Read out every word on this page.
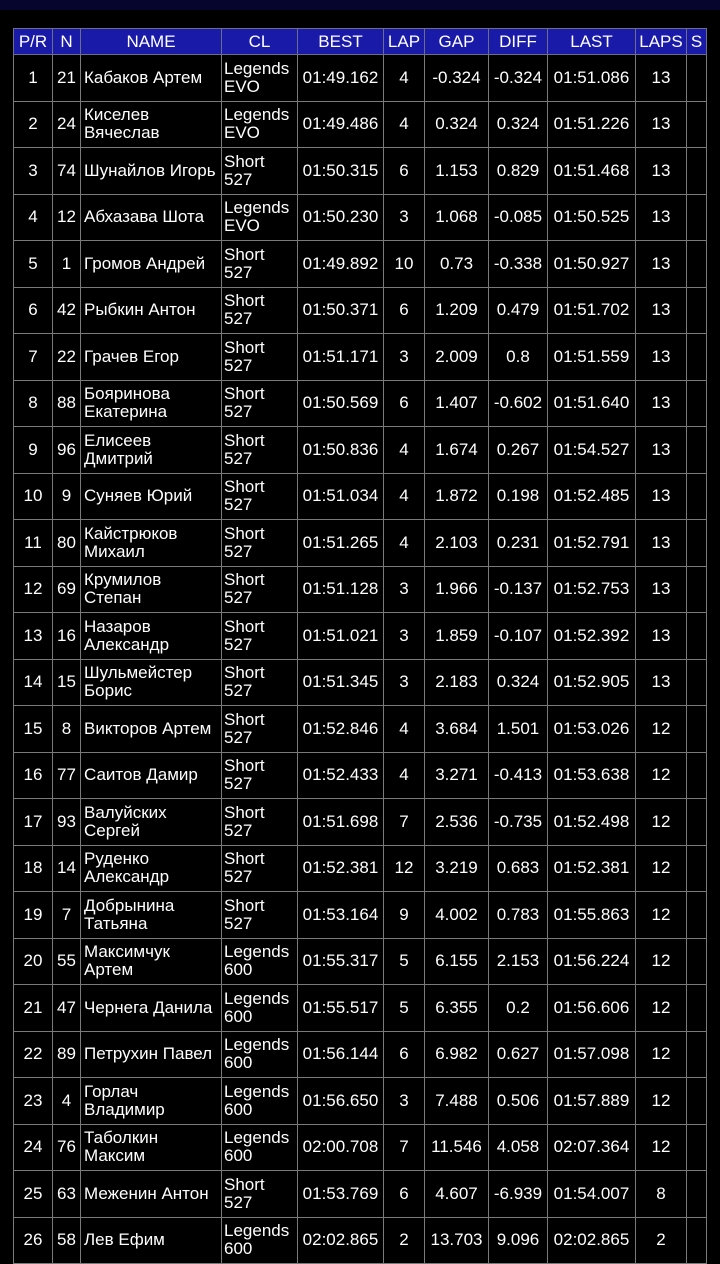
P/R	N	NAME	CL	BEST	LAP	GAP	DIFF	LAST	LAPS	S
1	21	Кабаков Артем	Legends EVO	01:49.162	4	-0.324	-0.324	01:51.086	13	
2	24	Киселев Вячеслав	Legends EVO	01:49.486	4	0.324	0.324	01:51.226	13	
3	74	Шунайлов Игорь	Short 527	01:50.315	6	1.153	0.829	01:51.468	13	
4	12	Абхазава Шота	Legends EVO	01:50.230	3	1.068	-0.085	01:50.525	13	
5	1	Громов Андрей	Short 527	01:49.892	10	0.73	-0.338	01:50.927	13	
6	42	Рыбкин Антон	Short 527	01:50.371	6	1.209	0.479	01:51.702	13	
7	22	Грачев Егор	Short 527	01:51.171	3	2.009	0.8	01:51.559	13	
8	88	Бояринова Екатерина	Short 527	01:50.569	6	1.407	-0.602	01:51.640	13	
9	96	Елисеев Дмитрий	Short 527	01:50.836	4	1.674	0.267	01:54.527	13	
10	9	Суняев Юрий	Short 527	01:51.034	4	1.872	0.198	01:52.485	13	
11	80	Кайстрюков Михаил	Short 527	01:51.265	4	2.103	0.231	01:52.791	13	
12	69	Крумилов Степан	Short 527	01:51.128	3	1.966	-0.137	01:52.753	13	
13	16	Назаров Александр	Short 527	01:51.021	3	1.859	-0.107	01:52.392	13	
14	15	Шульмейстер Борис	Short 527	01:51.345	3	2.183	0.324	01:52.905	13	
15	8	Викторов Артем	Short 527	01:52.846	4	3.684	1.501	01:53.026	12	
16	77	Саитов Дамир	Short 527	01:52.433	4	3.271	-0.413	01:53.638	12	
17	93	Валуйских Сергей	Short 527	01:51.698	7	2.536	-0.735	01:52.498	12	
18	14	Руденко Александр	Short 527	01:52.381	12	3.219	0.683	01:52.381	12	
19	7	Добрынина Татьяна	Short 527	01:53.164	9	4.002	0.783	01:55.863	12	
20	55	Максимчук Артем	Legends 600	01:55.317	5	6.155	2.153	01:56.224	12	
21	47	Чернега Данила	Legends 600	01:55.517	5	6.355	0.2	01:56.606	12	
22	89	Петрухин Павел	Legends 600	01:56.144	6	6.982	0.627	01:57.098	12	
23	4	Горлач Владимир	Legends 600	01:56.650	3	7.488	0.506	01:57.889	12	
24	76	Таболкин Максим	Legends 600	02:00.708	7	11.546	4.058	02:07.364	12	
25	63	Меженин Антон	Short 527	01:53.769	6	4.607	-6.939	01:54.007	8	
26	58	Лев Ефим	Legends 600	02:02.865	2	13.703	9.096	02:02.865	2	
